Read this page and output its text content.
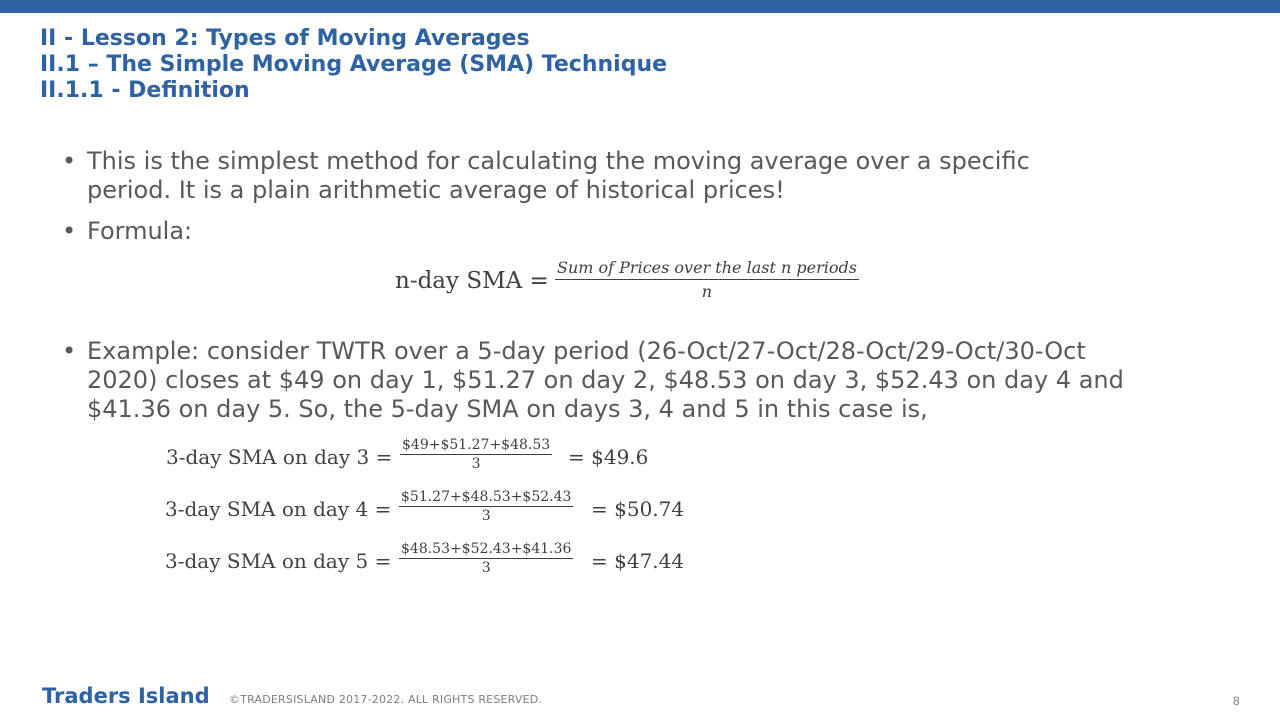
II - Lesson 2: Types of Moving Averages
II.1 – The Simple Moving Average (SMA) Technique
II.1.1 - Definition
• This is the simplest method for calculating the moving average over a specific
period. It is a plain arithmetic average of historical prices!
• Formula:
n-day SMA =
Sum of Prices over the last n periods
n
• Example: consider TWTR over a 5-day period (26-Oct/27-Oct/28-Oct/29-Oct/30-Oct
2020) closes at $49 on day 1, $51.27 on day 2, $48.53 on day 3, $52.43 on day 4 and
$41.36 on day 5. So, the 5-day SMA on days 3, 4 and 5 in this case is,
3-day SMA on day 3 = $49+$51.27+$48.53
3	= $49.6
3-day SMA on day 4 = $51.27+$48.53+$52.43
3	= $50.74
3-day SMA on day 5 = $48.53+$52.43+$41.36
3	= $47.44
Traders Island ©TRADERSISLAND 2017-2022. ALL RIGHTS RESERVED.	8
